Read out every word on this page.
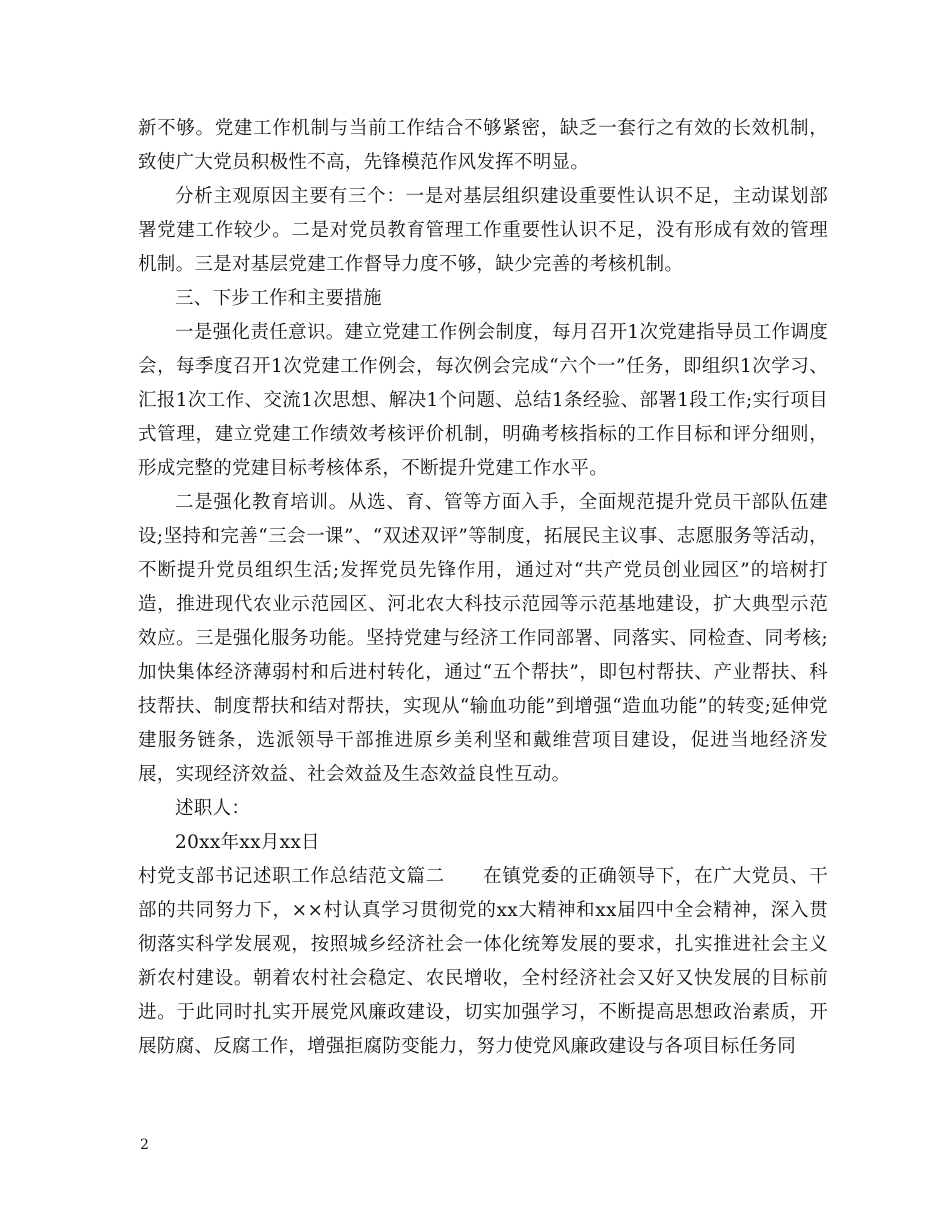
新不够。党建工作机制与当前工作结合不够紧密，缺乏一套行之有效的长效机制，致使广大党员积极性不高，先锋模范作风发挥不明显。

分析主观原因主要有三个：一是对基层组织建设重要性认识不足，主动谋划部署党建工作较少。二是对党员教育管理工作重要性认识不足，没有形成有效的管理机制。三是对基层党建工作督导力度不够，缺少完善的考核机制。

三、下步工作和主要措施

一是强化责任意识。建立党建工作例会制度，每月召开1次党建指导员工作调度会，每季度召开1次党建工作例会，每次例会完成“六个一”任务，即组织1次学习、汇报1次工作、交流1次思想、解决1个问题、总结1条经验、部署1段工作;实行项目式管理，建立党建工作绩效考核评价机制，明确考核指标的工作目标和评分细则，形成完整的党建目标考核体系，不断提升党建工作水平。

二是强化教育培训。从选、育、管等方面入手，全面规范提升党员干部队伍建设;坚持和完善“三会一课”、“双述双评”等制度，拓展民主议事、志愿服务等活动，不断提升党员组织生活;发挥党员先锋作用，通过对“共产党员创业园区”的培树打造，推进现代农业示范园区、河北农大科技示范园等示范基地建设，扩大典型示范效应。三是强化服务功能。坚持党建与经济工作同部署、同落实、同检查、同考核;加快集体经济薄弱村和后进村转化，通过“五个帮扶”，即包村帮扶、产业帮扶、科技帮扶、制度帮扶和结对帮扶，实现从“输血功能”到增强“造血功能”的转变;延伸党建服务链条，选派领导干部推进原乡美利坚和戴维营项目建设，促进当地经济发展，实现经济效益、社会效益及生态效益良性互动。

述职人：

20xx年xx月xx日

村党支部书记述职工作总结范文篇二　　在镇党委的正确领导下，在广大党员、干部的共同努力下，××村认真学习贯彻党的xx大精神和xx届四中全会精神，深入贯彻落实科学发展观，按照城乡经济社会一体化统筹发展的要求，扎实推进社会主义新农村建设。朝着农村社会稳定、农民增收，全村经济社会又好又快发展的目标前进。于此同时扎实开展党风廉政建设，切实加强学习，不断提高思想政治素质，开展防腐、反腐工作，增强拒腐防变能力，努力使党风廉政建设与各项目标任务同

2
